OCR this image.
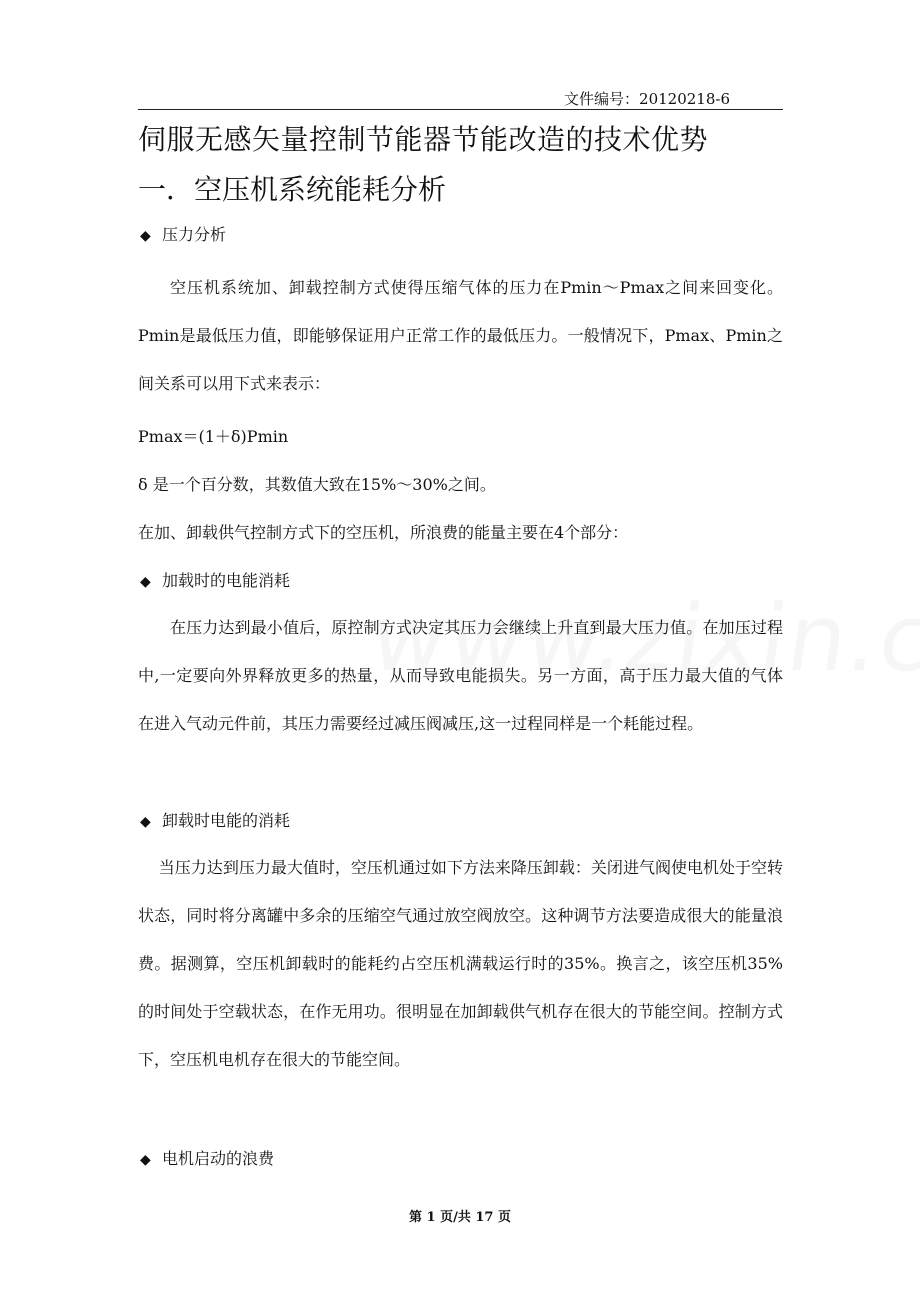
文件编号：20120218-6
伺服无感矢量控制节能器节能改造的技术优势
一．空压机系统能耗分析
◆ 压力分析
空压机系统加、卸载控制方式使得压缩气体的压力在Pmin～Pmax之间来回变化。Pmin是最低压力值，即能够保证用户正常工作的最低压力。一般情况下，Pmax、Pmin之间关系可以用下式来表示：
Pmax＝(1＋δ)Pmin
δ 是一个百分数，其数值大致在15%～30%之间。
在加、卸载供气控制方式下的空压机，所浪费的能量主要在4个部分：
◆ 加载时的电能消耗
在压力达到最小值后，原控制方式决定其压力会继续上升直到最大压力值。在加压过程中,一定要向外界释放更多的热量，从而导致电能损失。另一方面，高于压力最大值的气体在进入气动元件前，其压力需要经过减压阀减压,这一过程同样是一个耗能过程。
◆ 卸载时电能的消耗
当压力达到压力最大值时，空压机通过如下方法来降压卸载：关闭进气阀使电机处于空转状态，同时将分离罐中多余的压缩空气通过放空阀放空。这种调节方法要造成很大的能量浪费。据测算，空压机卸载时的能耗约占空压机满载运行时的35%。换言之，该空压机35%的时间处于空载状态，在作无用功。很明显在加卸载供气机存在很大的节能空间。控制方式下，空压机电机存在很大的节能空间。
◆ 电机启动的浪费
第 1 页/共 17 页
